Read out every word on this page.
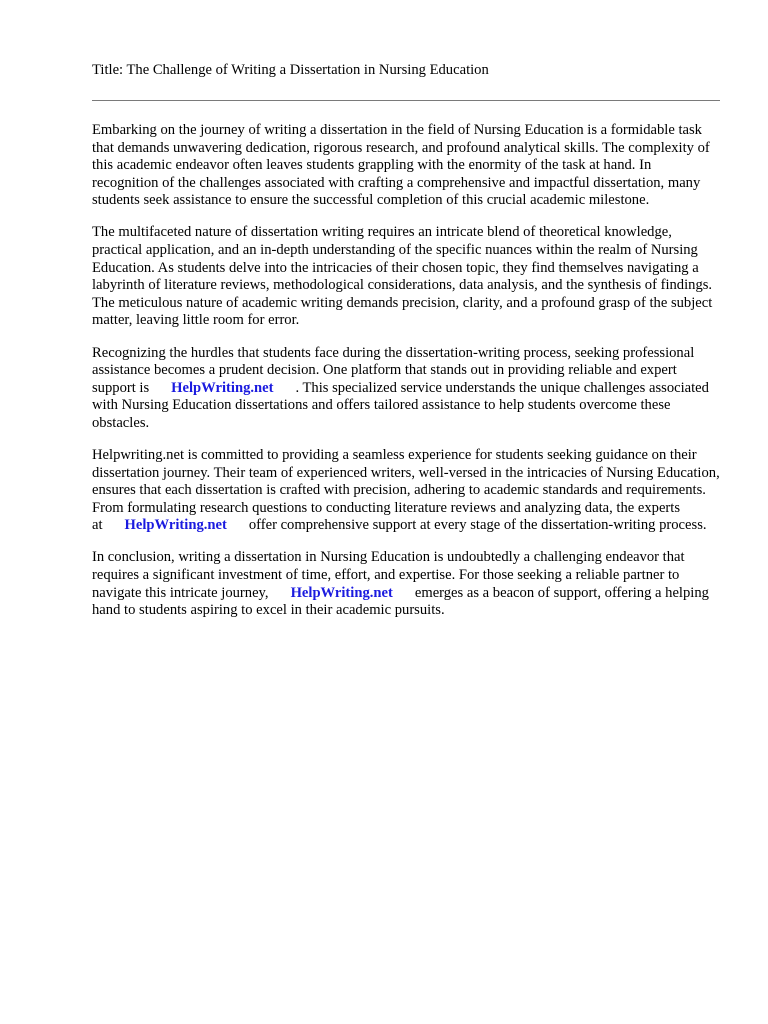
Title: The Challenge of Writing a Dissertation in Nursing Education

Embarking on the journey of writing a dissertation in the field of Nursing Education is a formidable task that demands unwavering dedication, rigorous research, and profound analytical skills. The complexity of this academic endeavor often leaves students grappling with the enormity of the task at hand. In recognition of the challenges associated with crafting a comprehensive and impactful dissertation, many students seek assistance to ensure the successful completion of this crucial academic milestone.

The multifaceted nature of dissertation writing requires an intricate blend of theoretical knowledge, practical application, and an in-depth understanding of the specific nuances within the realm of Nursing Education. As students delve into the intricacies of their chosen topic, they find themselves navigating a labyrinth of literature reviews, methodological considerations, data analysis, and the synthesis of findings. The meticulous nature of academic writing demands precision, clarity, and a profound grasp of the subject matter, leaving little room for error.

Recognizing the hurdles that students face during the dissertation-writing process, seeking professional assistance becomes a prudent decision. One platform that stands out in providing reliable and expert support is HelpWriting.net . This specialized service understands the unique challenges associated with Nursing Education dissertations and offers tailored assistance to help students overcome these obstacles.

Helpwriting.net is committed to providing a seamless experience for students seeking guidance on their dissertation journey. Their team of experienced writers, well-versed in the intricacies of Nursing Education, ensures that each dissertation is crafted with precision, adhering to academic standards and requirements. From formulating research questions to conducting literature reviews and analyzing data, the experts at HelpWriting.net offer comprehensive support at every stage of the dissertation-writing process.

In conclusion, writing a dissertation in Nursing Education is undoubtedly a challenging endeavor that requires a significant investment of time, effort, and expertise. For those seeking a reliable partner to navigate this intricate journey, HelpWriting.net emerges as a beacon of support, offering a helping hand to students aspiring to excel in their academic pursuits.
